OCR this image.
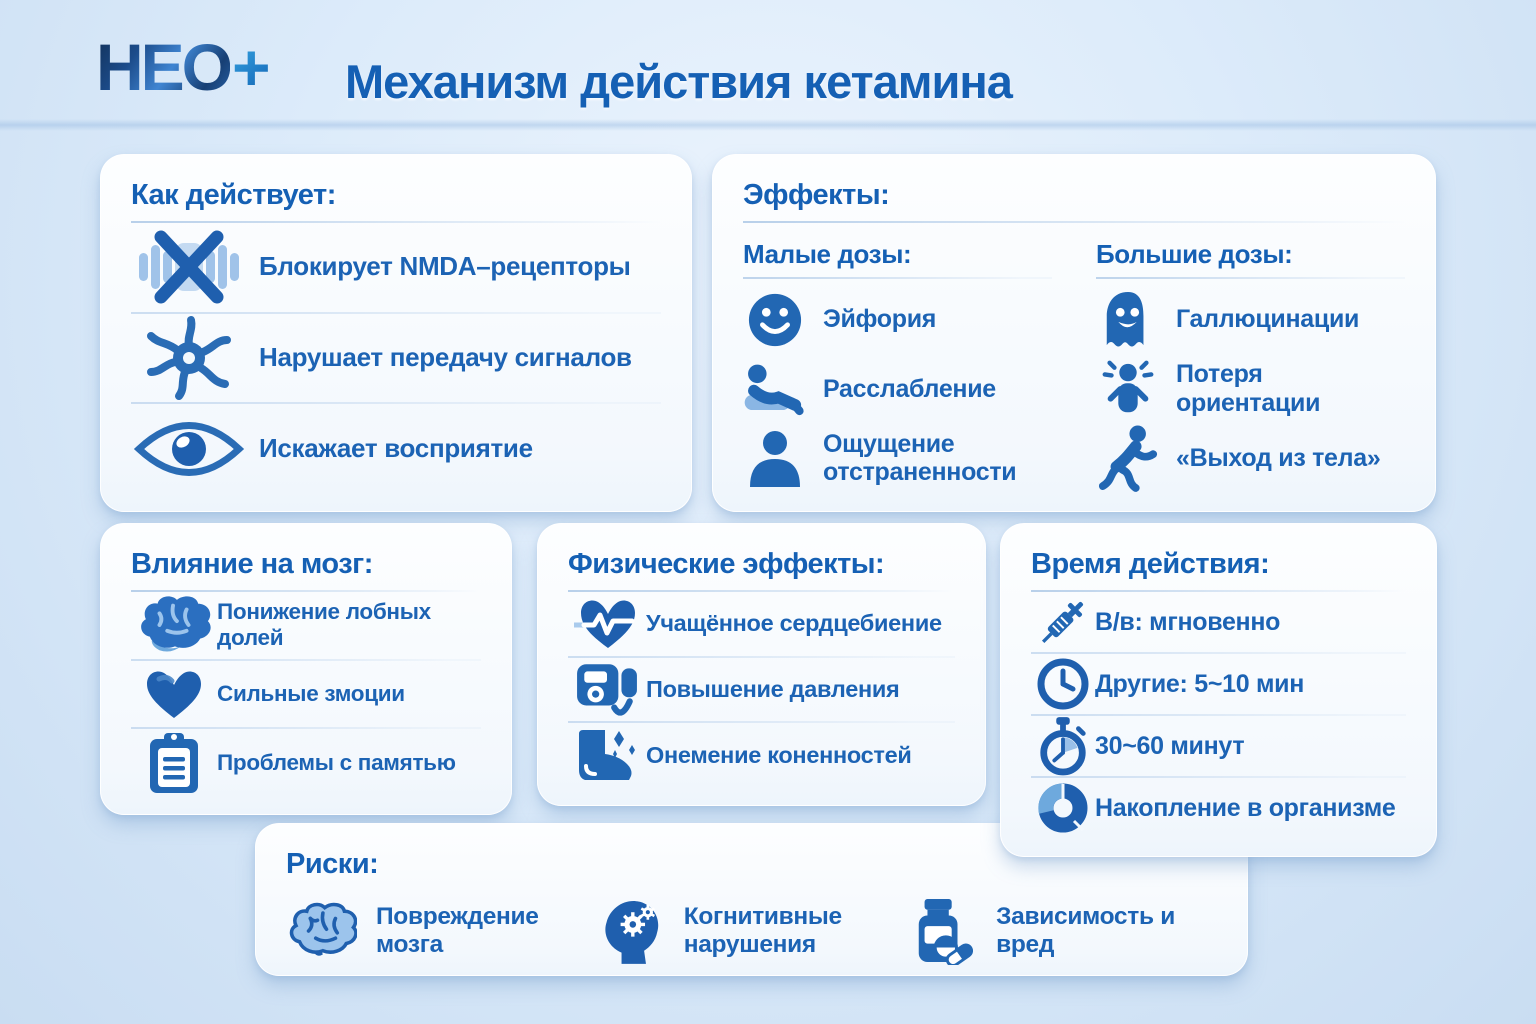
НЕО+ Механизм действия кетамина
Как действует:
Блокирует NMDA–рецепторы
Нарушает передачу сигналов
Искажает восприятие
Эффекты:
Малые дозы:
Эйфория
Расслабление
Ощущение отстраненности
Большие дозы:
Галлюцинации
Потеря ориентации
«Выход из тела»
Влияние на мозг:
Понижение лобных долей
Сильные змоции
Проблемы с памятью
Физические эффекты:
Учащённое сердцебиение
Повышение давления
Онемение коненностей
Время действия:
В/в: мгновенно
Другие: 5~10 мин
30~60 минут
Накопление в организме
Риски:
Повреждение мозга
Когнитивные нарушения
Зависимость и вред
